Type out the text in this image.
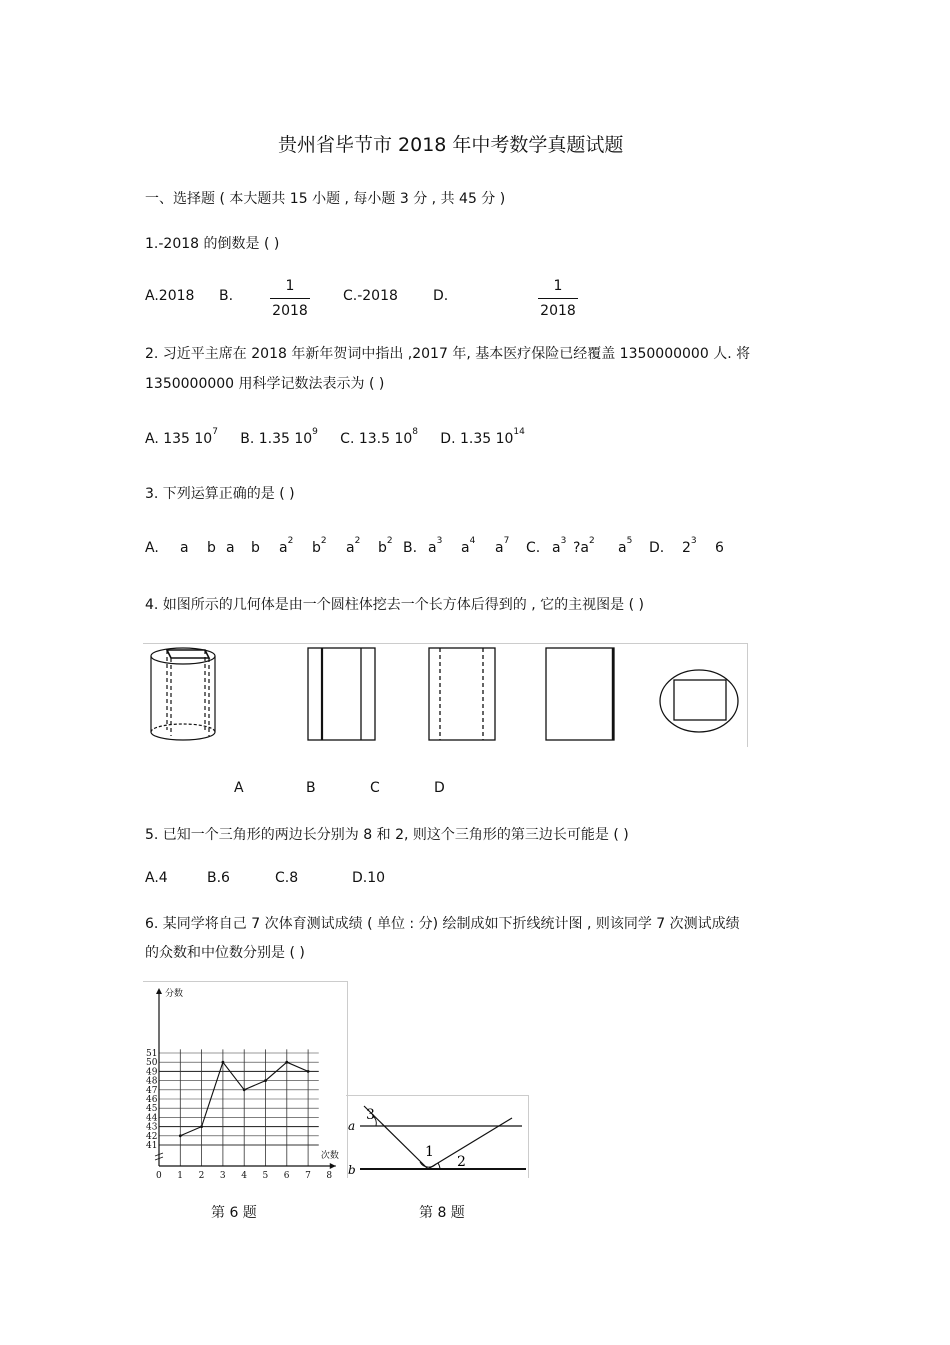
贵州省毕节市 2018 年中考数学真题试题
一、选择题 ( 本大题共 15 小题 , 每小题 3 分 , 共 45 分 )
1.-2018 的倒数是 ( )
A.2018 B.
1
2018
C.-2018	D.
1
2018
2. 习近平主席在 2018 年新年贺词中指出 ,2017 年, 基本医疗保险已经覆盖 1350000000 人. 将
1350000000 用科学记数法表示为 ( )
A. 135 $10^7$ B. 1.35 $10^9$ C. 13.5 $10^8$ D. 1.35 $10^{14}$
3. 下列运算正确的是 ( )
A. a b a b $a^2$ $b^2$ $a^2$ $b^2$ B. $a^3$ $a^4$ $a^7$ C. $a^3$ $?a^2$ $a^5$ D. $2^3$ 6
4. 如图所示的几何体是由一个圆柱体挖去一个长方体后得到的 , 它的主视图是 ( )
A	B	C	D
5. 已知一个三角形的两边长分别为 8 和 2, 则这个三角形的第三边长可能是 ( )
A.4	B.6	C.8	D.10
6. 某同学将自己 7 次体育测试成绩 ( 单位 : 分) 绘制成如下折线统计图 , 则该同学 7 次测试成绩
的众数和中位数分别是 ( )
0 1 2 3 4 5 6 7 8
41
42
43
44
45
46
47
48
49
50
51
分数
次数
a
b
1
2
3
第 6 题	第 8 题
